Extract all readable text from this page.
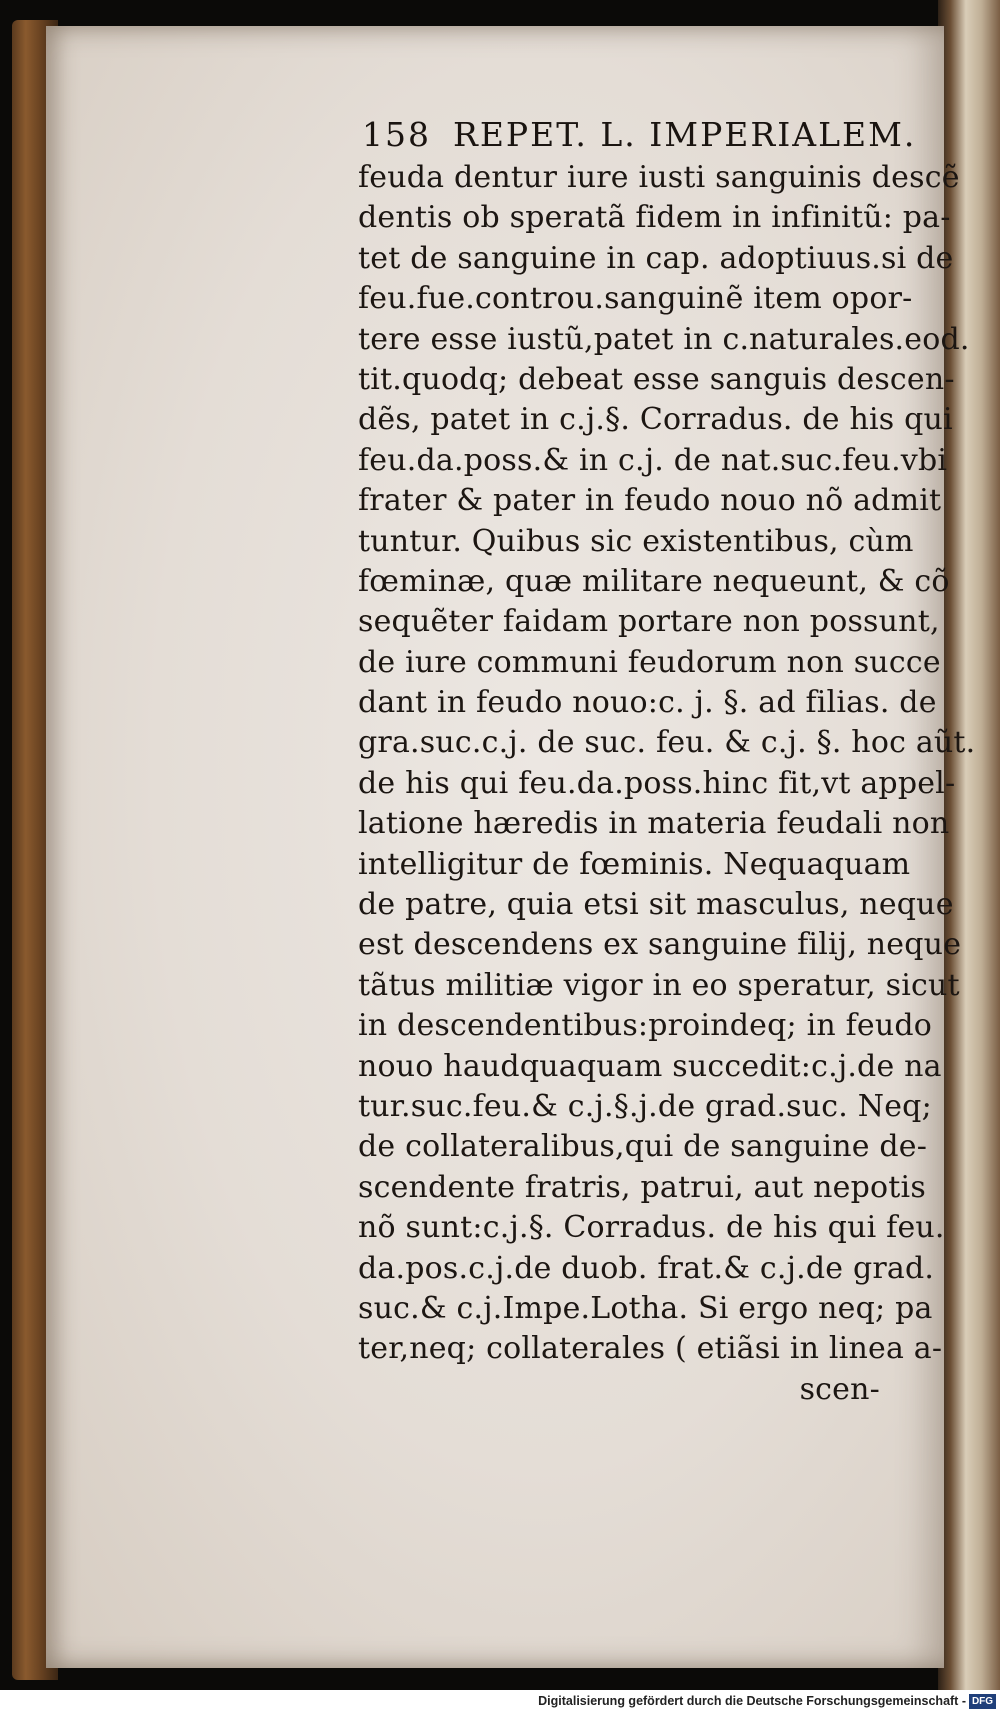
158 REPET. L. IMPERIALEM.
feuda dentur iure iusti sanguinis descẽ
dentis ob speratã fidem in infinitũ: pa-
tet de sanguine in cap. adoptiuus.si de
feu.fue.controu.sanguinẽ item opor-
tere esse iustũ,patet in c.naturales.eod.
tit.quodq; debeat esse sanguis descen-
dẽs, patet in c.j.§. Corradus. de his qui
feu.da.poss.& in c.j. de nat.suc.feu.vbi
frater & pater in feudo nouo nõ admit
tuntur. Quibus sic existentibus, cùm
fœminæ, quæ militare nequeunt, & cõ
sequẽter faidam portare non possunt,
de iure communi feudorum non succe
dant in feudo nouo:c. j. §. ad filias. de
gra.suc.c.j. de suc. feu. & c.j. §. hoc aũt.
de his qui feu.da.poss.hinc fit,vt appel-
latione hæredis in materia feudali non
intelligitur de fœminis. Nequaquam
de patre, quia etsi sit masculus, neque
est descendens ex sanguine filij, neque
tãtus militiæ vigor in eo speratur, sicut
in descendentibus:proindeq; in feudo
nouo haudquaquam succedit:c.j.de na
tur.suc.feu.& c.j.§.j.de grad.suc. Neq;
de collateralibus,qui de sanguine de-
scendente fratris, patrui, aut nepotis
nõ sunt:c.j.§. Corradus. de his qui feu.
da.pos.c.j.de duob. frat.& c.j.de grad.
suc.& c.j.Impe.Lotha. Si ergo neq; pa
ter,neq; collaterales ( etiãsi in linea a-
scen-
Digitalisierung gefördert durch die Deutsche Forschungsgemeinschaft - DFG
